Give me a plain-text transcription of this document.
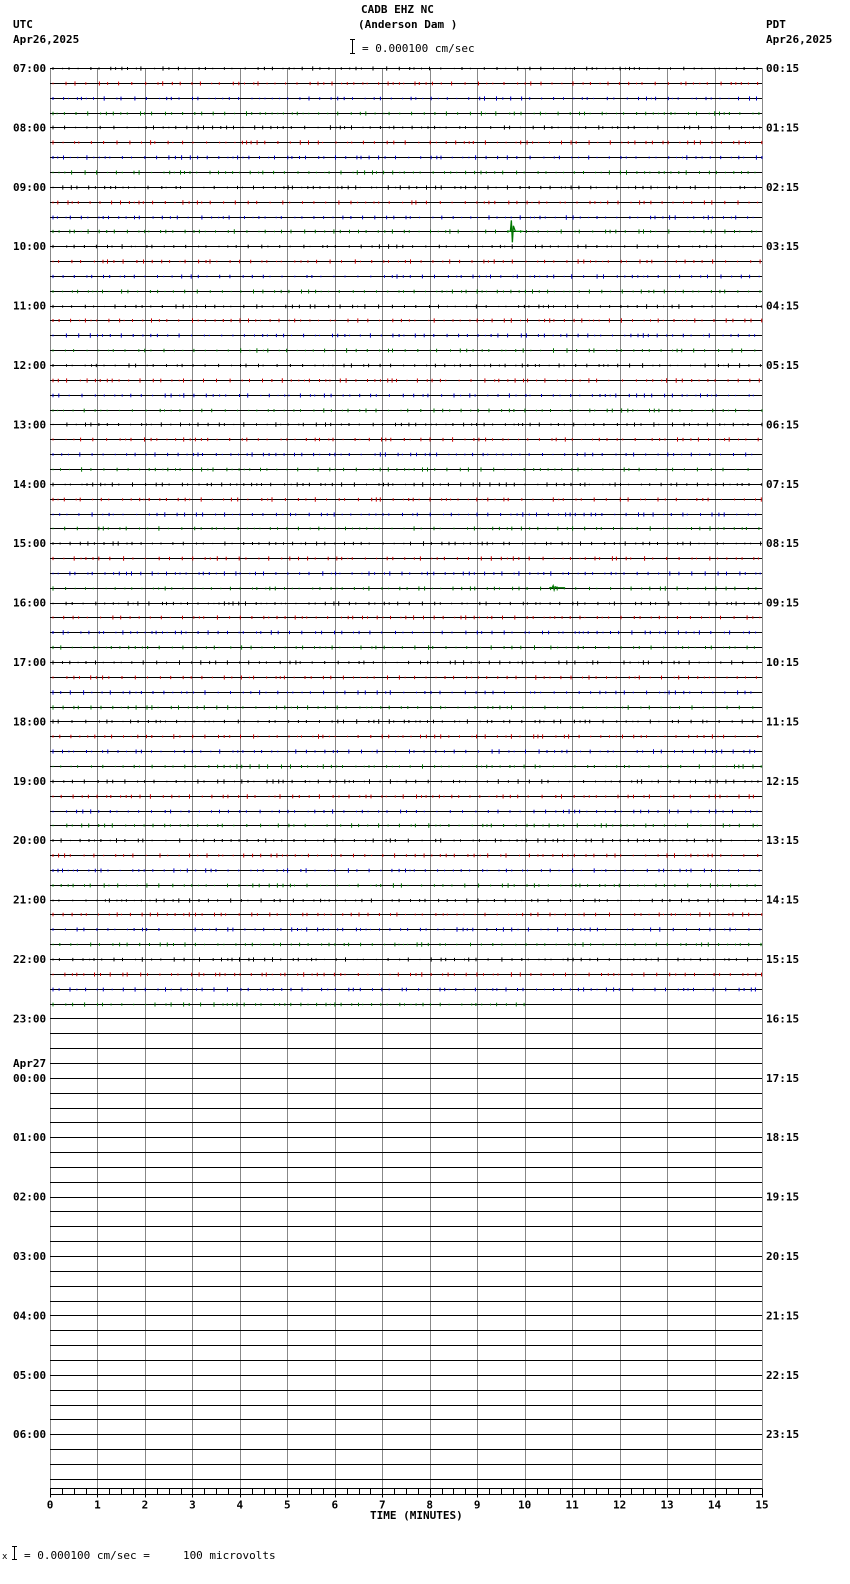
CADB EHZ NC
(Anderson Dam )
= 0.000100 cm/sec
UTC
Apr26,2025
PDT
Apr26,2025
07:00
08:00
09:00
10:00
11:00
12:00
13:00
14:00
15:00
16:00
17:00
18:00
19:00
20:00
21:00
22:00
23:00
00:00
Apr27
01:00
02:00
03:00
04:00
05:00
06:00
00:15
01:15
02:15
03:15
04:15
05:15
06:15
07:15
08:15
09:15
10:15
11:15
12:15
13:15
14:15
15:15
16:15
17:15
18:15
19:15
20:15
21:15
22:15
23:15
0	1	2	3	4	5	6	7	8	9	10	11	12	13	14	15
TIME (MINUTES)
x = 0.000100 cm/sec =     100 microvolts
